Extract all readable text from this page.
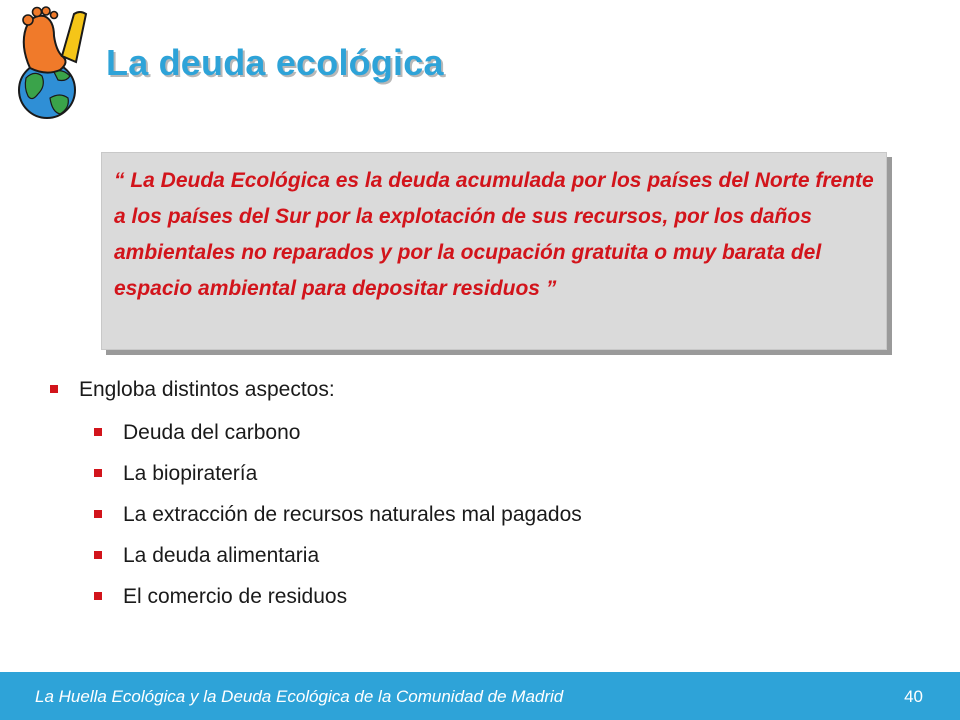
La deuda ecológica

“ La Deuda Ecológica es la deuda acumulada por los países del Norte frente a los países del Sur por la explotación de sus recursos, por los daños ambientales no reparados y por la ocupación gratuita o muy barata del espacio ambiental para depositar residuos ”

Engloba distintos aspectos:
Deuda del carbono
La biopiratería
La extracción de recursos naturales mal pagados
La deuda alimentaria
El comercio de residuos
La Huella Ecológica y la Deuda Ecológica de la Comunidad de Madrid	40
